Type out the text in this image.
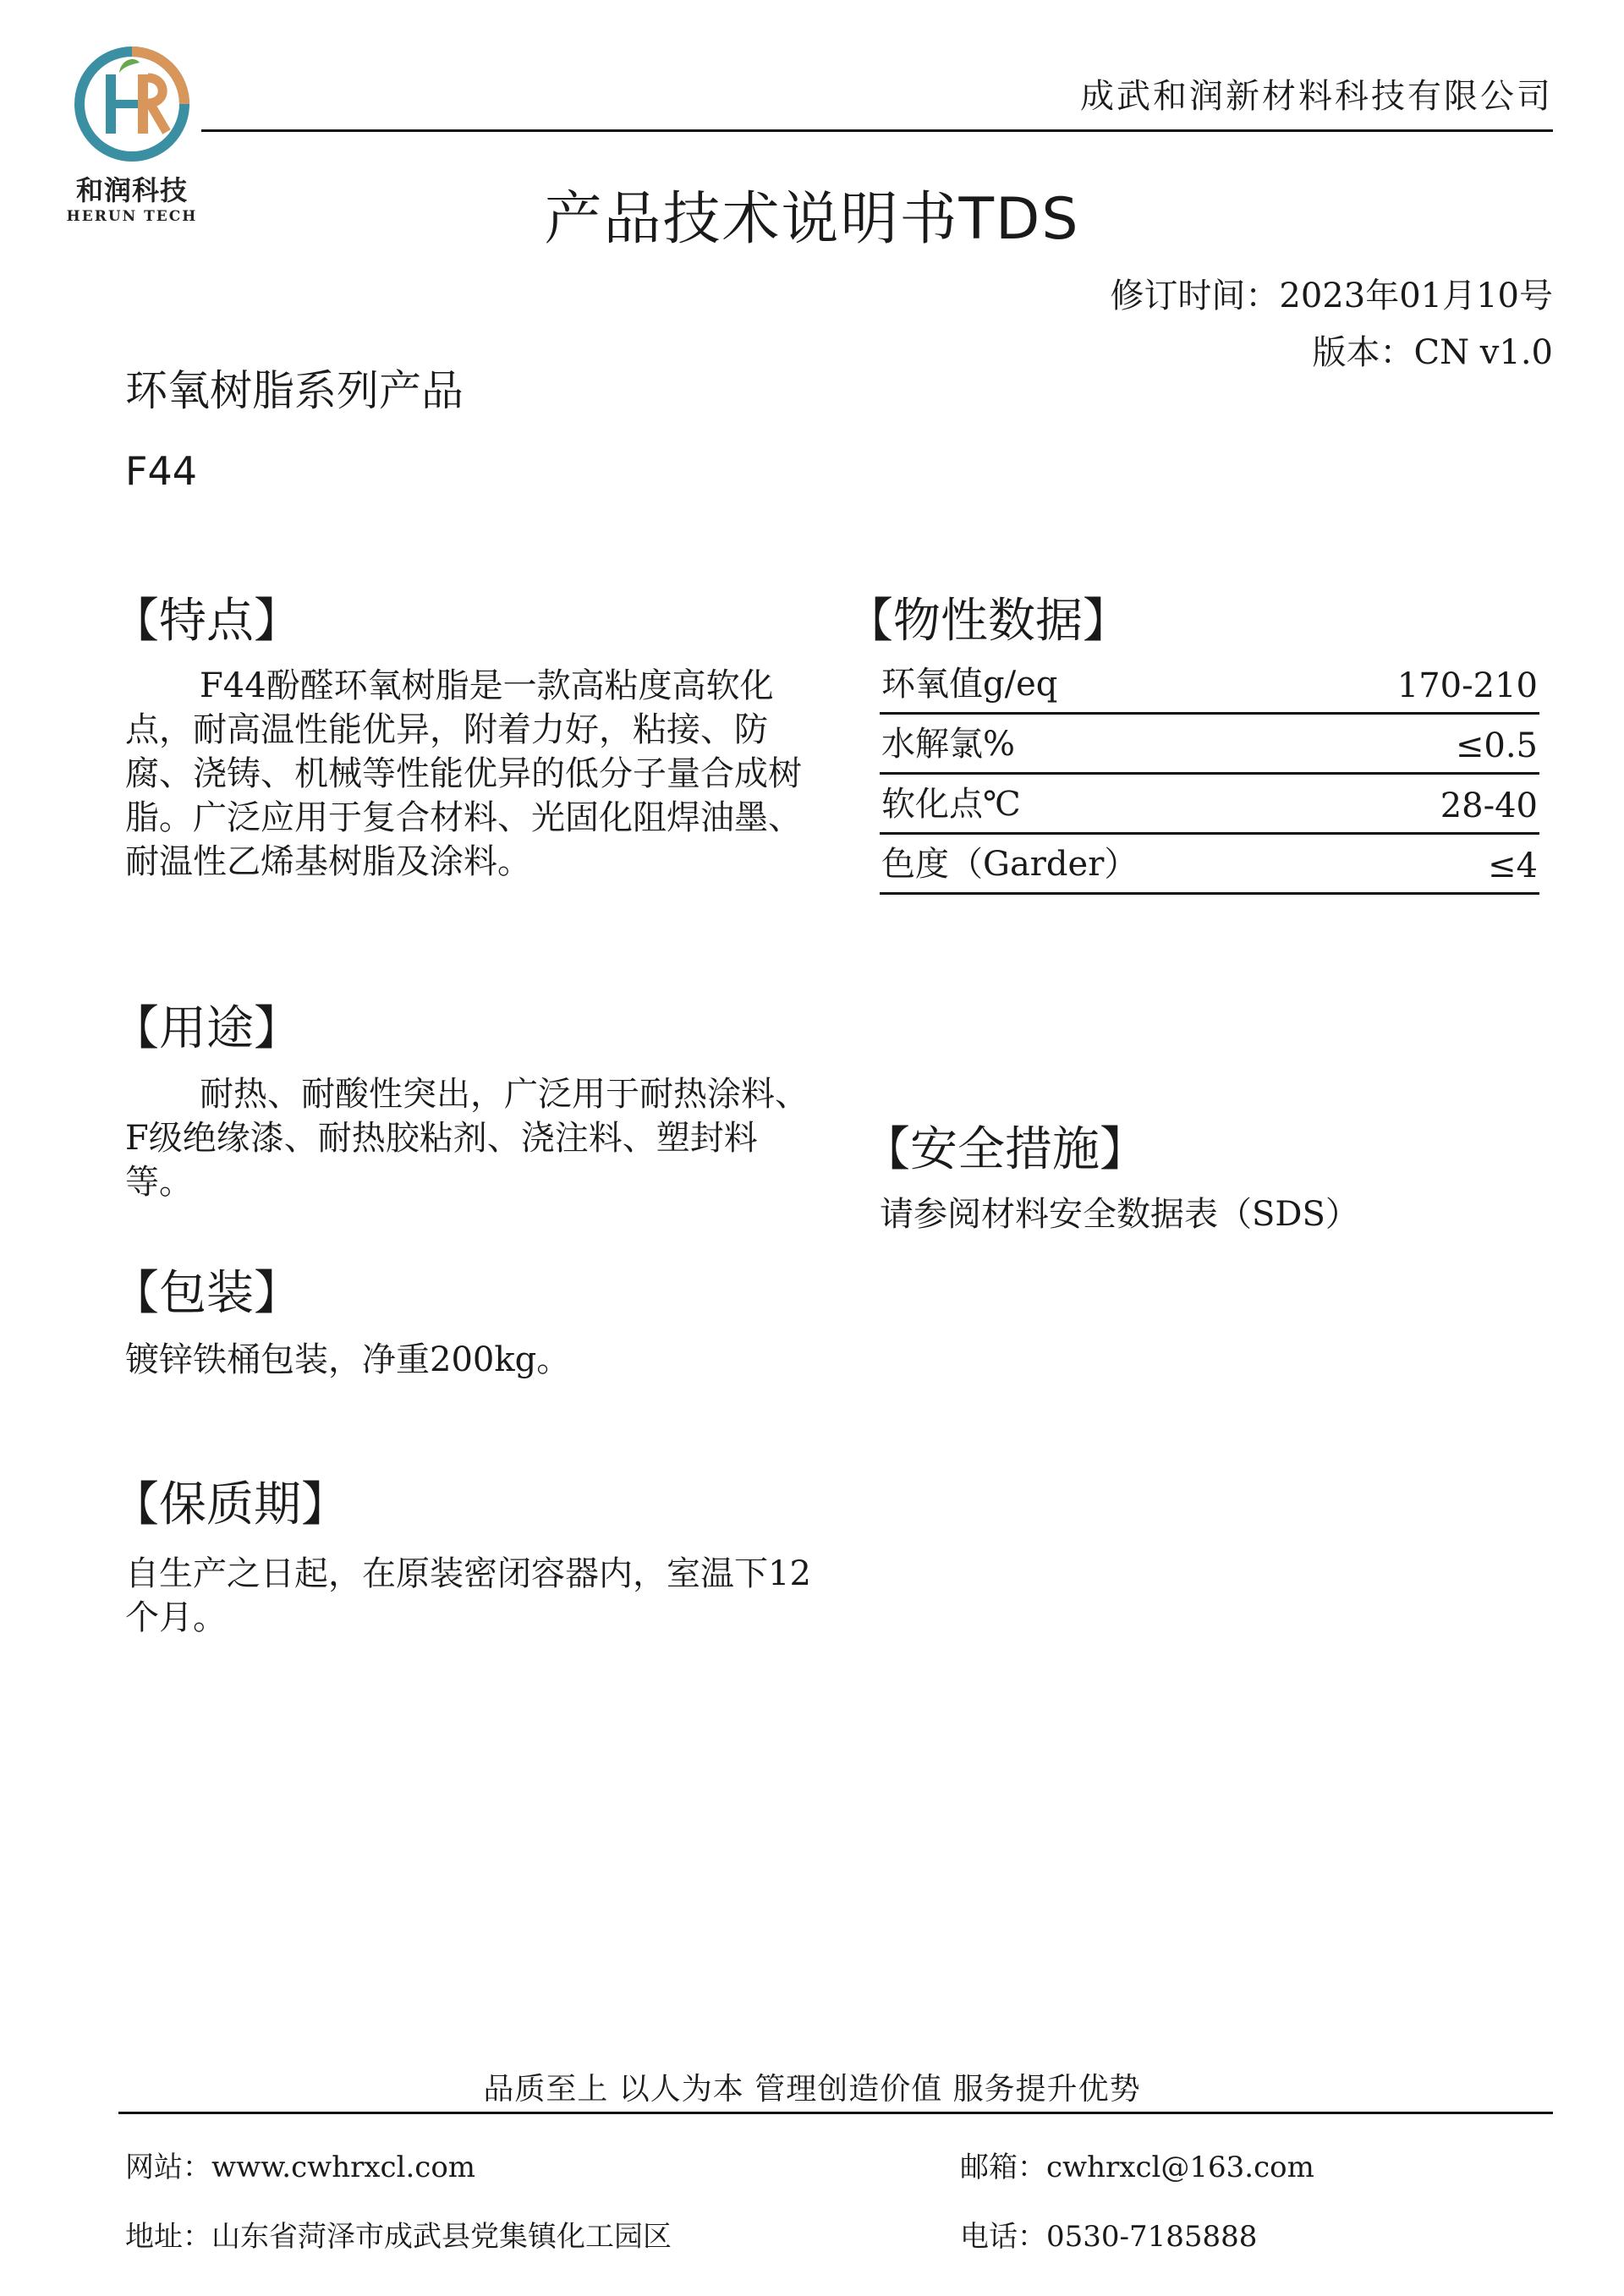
和润科技
HERUN TECH
成武和润新材料科技有限公司
产品技术说明书TDS
修订时间：2023年01月10号
版本：CN v1.0
环氧树脂系列产品
F44
【特点】
F44酚醛环氧树脂是一款高粘度高软化点，耐高温性能优异，附着力好，粘接、防腐、浇铸、机械等性能优异的低分子量合成树脂。广泛应用于复合材料、光固化阻焊油墨、耐温性乙烯基树脂及涂料。
【物性数据】
环氧值g/eq	170-210
水解氯%	≤0.5
软化点℃	28-40
色度（Garder）	≤4
【用途】
耐热、耐酸性突出，广泛用于耐热涂料、F级绝缘漆、耐热胶粘剂、浇注料、塑封料等。
【安全措施】
请参阅材料安全数据表（SDS）
【包装】
镀锌铁桶包装，净重200kg。
【保质期】
自生产之日起，在原装密闭容器内，室温下12个月。
品质至上 以人为本 管理创造价值 服务提升优势
网站：www.cwhrxcl.com	邮箱：cwhrxcl@163.com
地址：山东省菏泽市成武县党集镇化工园区	电话：0530-7185888
